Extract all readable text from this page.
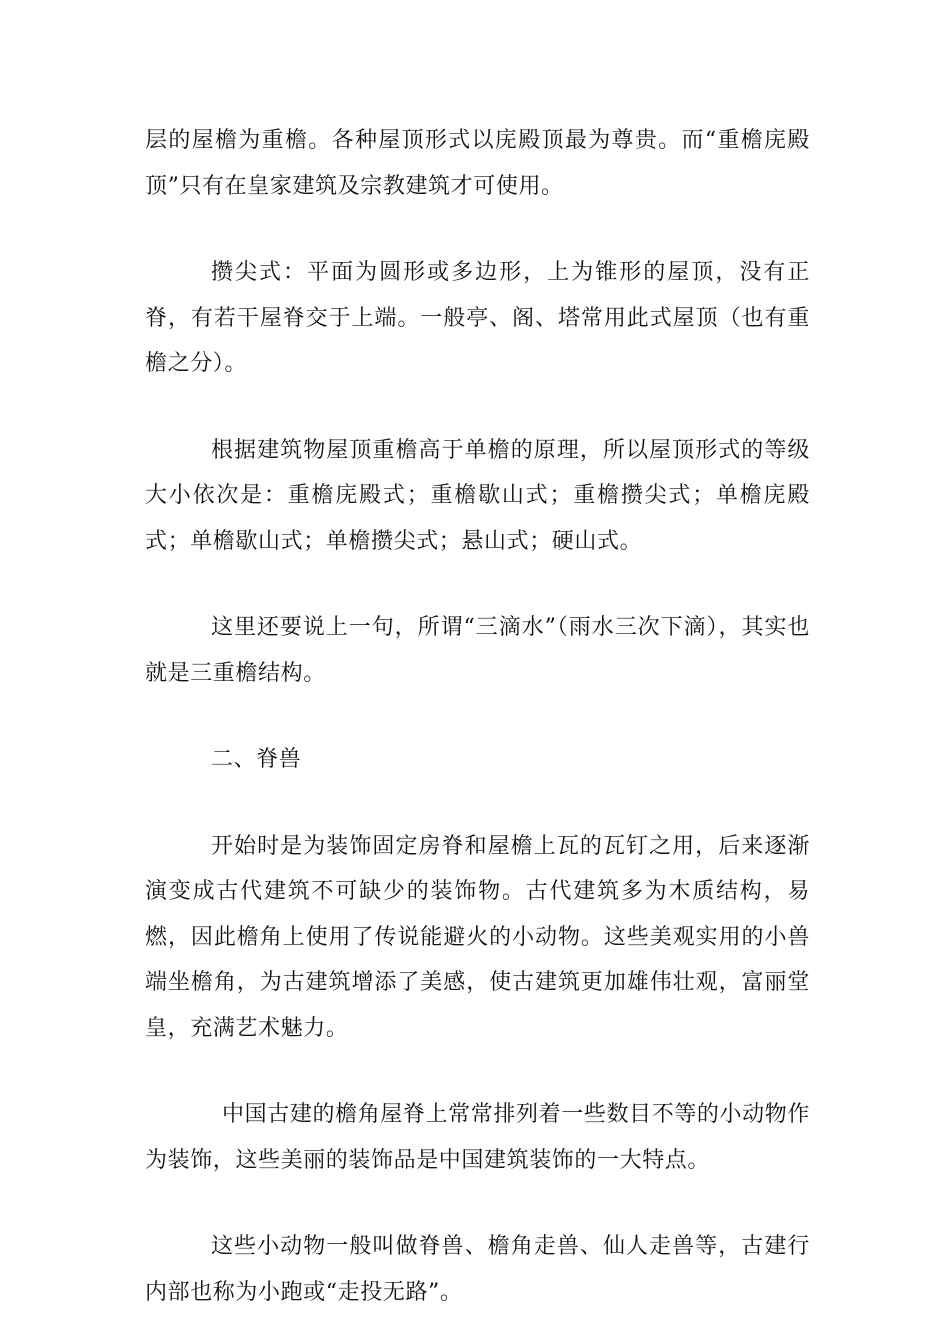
层的屋檐为重檐。各种屋顶形式以庑殿顶最为尊贵。而“重檐庑殿顶”只有在皇家建筑及宗教建筑才可使用。

攒尖式：平面为圆形或多边形，上为锥形的屋顶，没有正脊，有若干屋脊交于上端。一般亭、阁、塔常用此式屋顶（也有重檐之分）。

根据建筑物屋顶重檐高于单檐的原理，所以屋顶形式的等级大小依次是：重檐庑殿式；重檐歇山式；重檐攒尖式；单檐庑殿式；单檐歇山式；单檐攒尖式；悬山式；硬山式。

这里还要说上一句，所谓“三滴水”（雨水三次下滴），其实也就是三重檐结构。

二、脊兽

开始时是为装饰固定房脊和屋檐上瓦的瓦钉之用，后来逐渐演变成古代建筑不可缺少的装饰物。古代建筑多为木质结构，易燃，因此檐角上使用了传说能避火的小动物。这些美观实用的小兽端坐檐角，为古建筑增添了美感，使古建筑更加雄伟壮观，富丽堂皇，充满艺术魅力。

中国古建的檐角屋脊上常常排列着一些数目不等的小动物作为装饰，这些美丽的装饰品是中国建筑装饰的一大特点。

这些小动物一般叫做脊兽、檐角走兽、仙人走兽等，古建行内部也称为小跑或“走投无路”。
